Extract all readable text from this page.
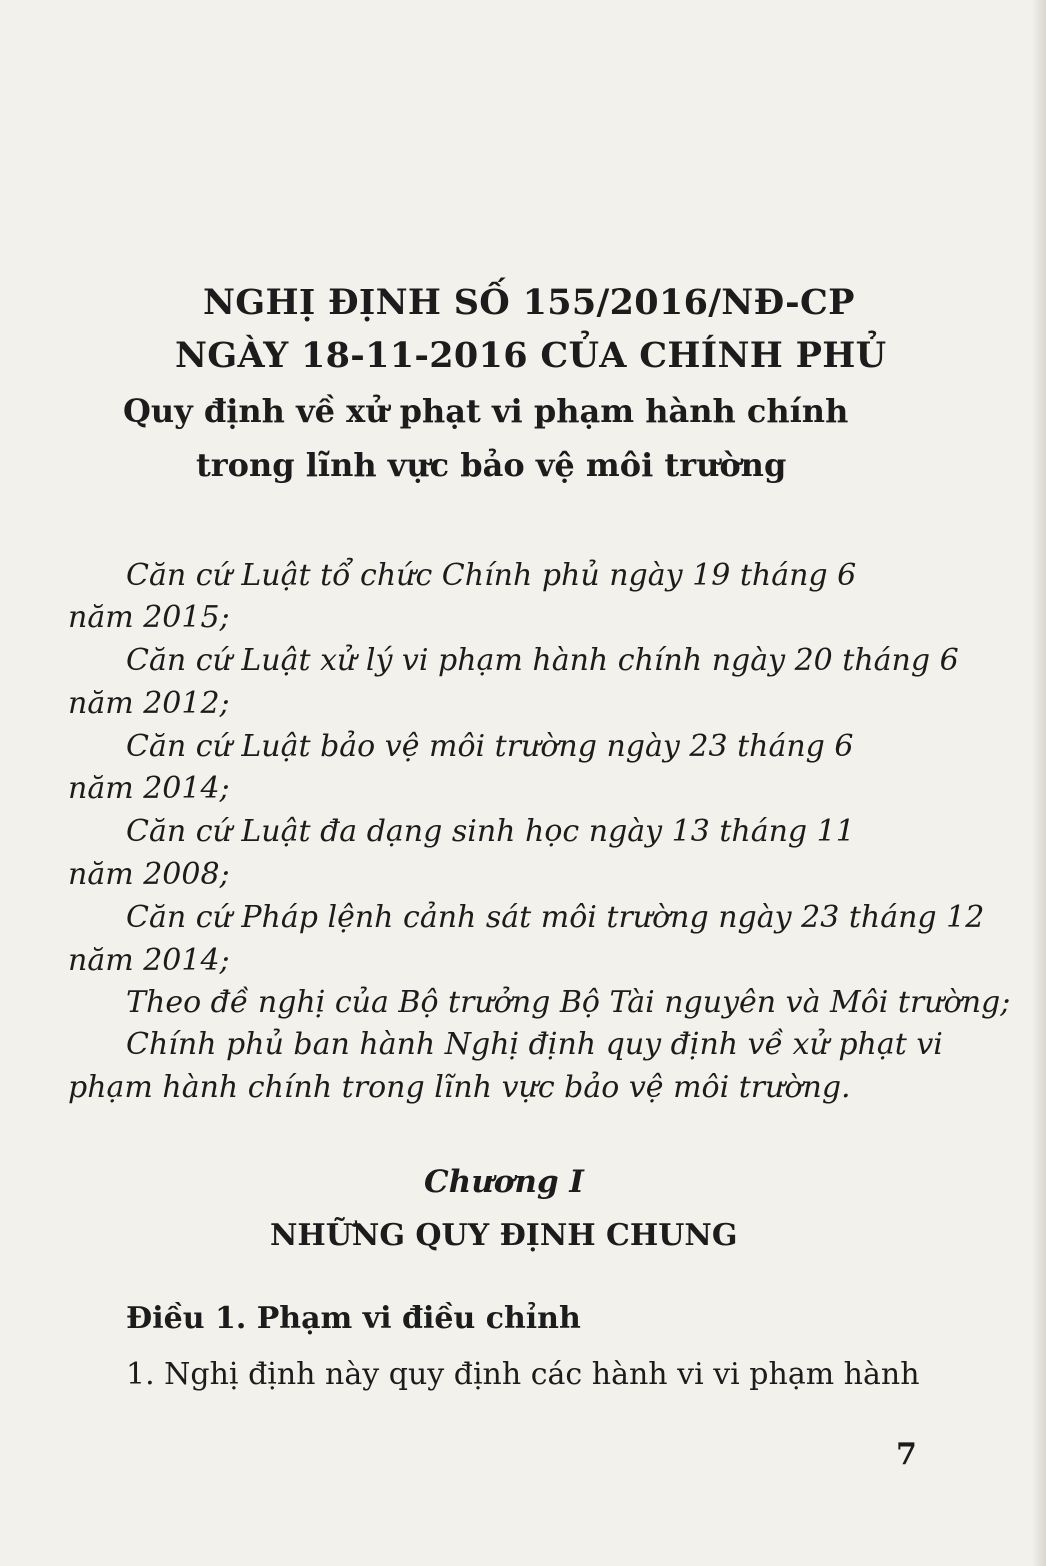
NGHỊ ĐỊNH SỐ 155/2016/NĐ-CP
NGÀY 18-11-2016 CỦA CHÍNH PHỦ
Quy định về xử phạt vi phạm hành chính
trong lĩnh vực bảo vệ môi trường
Căn cứ Luật tổ chức Chính phủ ngày 19 tháng 6
năm 2015;
Căn cứ Luật xử lý vi phạm hành chính ngày 20 tháng 6
năm 2012;
Căn cứ Luật bảo vệ môi trường ngày 23 tháng 6
năm 2014;
Căn cứ Luật đa dạng sinh học ngày 13 tháng 11
năm 2008;
Căn cứ Pháp lệnh cảnh sát môi trường ngày 23 tháng 12
năm 2014;
Theo đề nghị của Bộ trưởng Bộ Tài nguyên và Môi trường;
Chính phủ ban hành Nghị định quy định về xử phạt vi
phạm hành chính trong lĩnh vực bảo vệ môi trường.
Chương I
NHỮNG QUY ĐỊNH CHUNG
Điều 1. Phạm vi điều chỉnh
1. Nghị định này quy định các hành vi vi phạm hành
7
